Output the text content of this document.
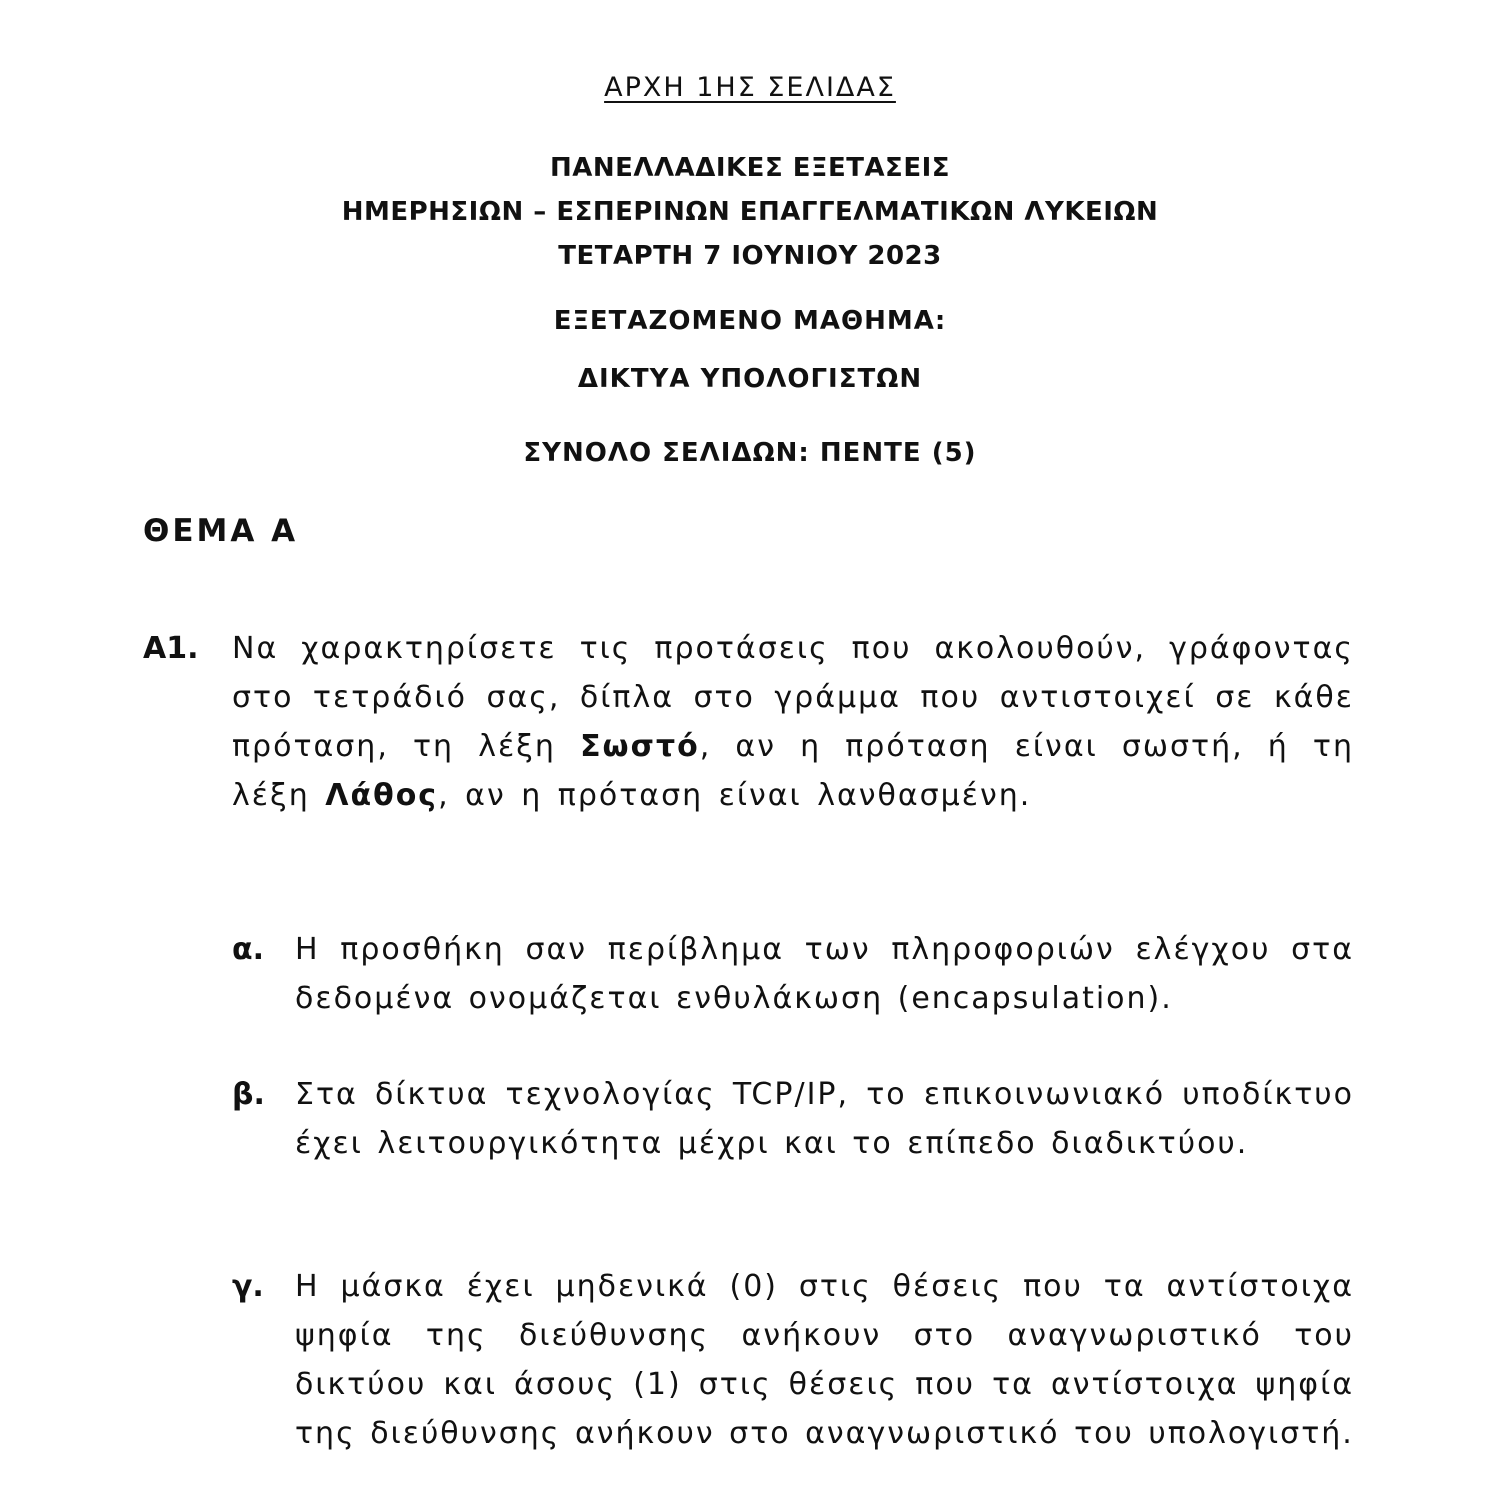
ΑΡΧΗ 1ΗΣ ΣΕΛΙΔΑΣ
ΠΑΝΕΛΛΑΔΙΚΕΣ ΕΞΕΤΑΣΕΙΣ
ΗΜΕΡΗΣΙΩΝ – ΕΣΠΕΡΙΝΩΝ ΕΠΑΓΓΕΛΜΑΤΙΚΩΝ ΛΥΚΕΙΩΝ
ΤΕΤΑΡΤΗ 7 ΙΟΥΝΙΟΥ 2023
ΕΞΕΤΑΖΟΜΕΝΟ ΜΑΘΗΜΑ:
ΔΙΚΤΥΑ ΥΠΟΛΟΓΙΣΤΩΝ
ΣΥΝΟΛΟ ΣΕΛΙΔΩΝ: ΠΕΝΤΕ (5)
ΘΕΜΑ Α
Α1. Να χαρακτηρίσετε τις προτάσεις που ακολουθούν, γράφοντας στο τετράδιό σας, δίπλα στο γράμμα που αντιστοιχεί σε κάθε πρόταση, τη λέξη Σωστό, αν η πρόταση είναι σωστή, ή τη λέξη Λάθος, αν η πρόταση είναι λανθασμένη.
α. Η προσθήκη σαν περίβλημα των πληροφοριών ελέγχου στα δεδομένα ονομάζεται ενθυλάκωση (encapsulation).
β. Στα δίκτυα τεχνολογίας TCP/IP, το επικοινωνιακό υποδίκτυο έχει λειτουργικότητα μέχρι και το επίπεδο διαδικτύου.
γ. Η μάσκα έχει μηδενικά (0) στις θέσεις που τα αντίστοιχα ψηφία της διεύθυνσης ανήκουν στο αναγνωριστικό του δικτύου και άσους (1) στις θέσεις που τα αντίστοιχα ψηφία της διεύθυνσης ανήκουν στο αναγνωριστικό του υπολογιστή.
